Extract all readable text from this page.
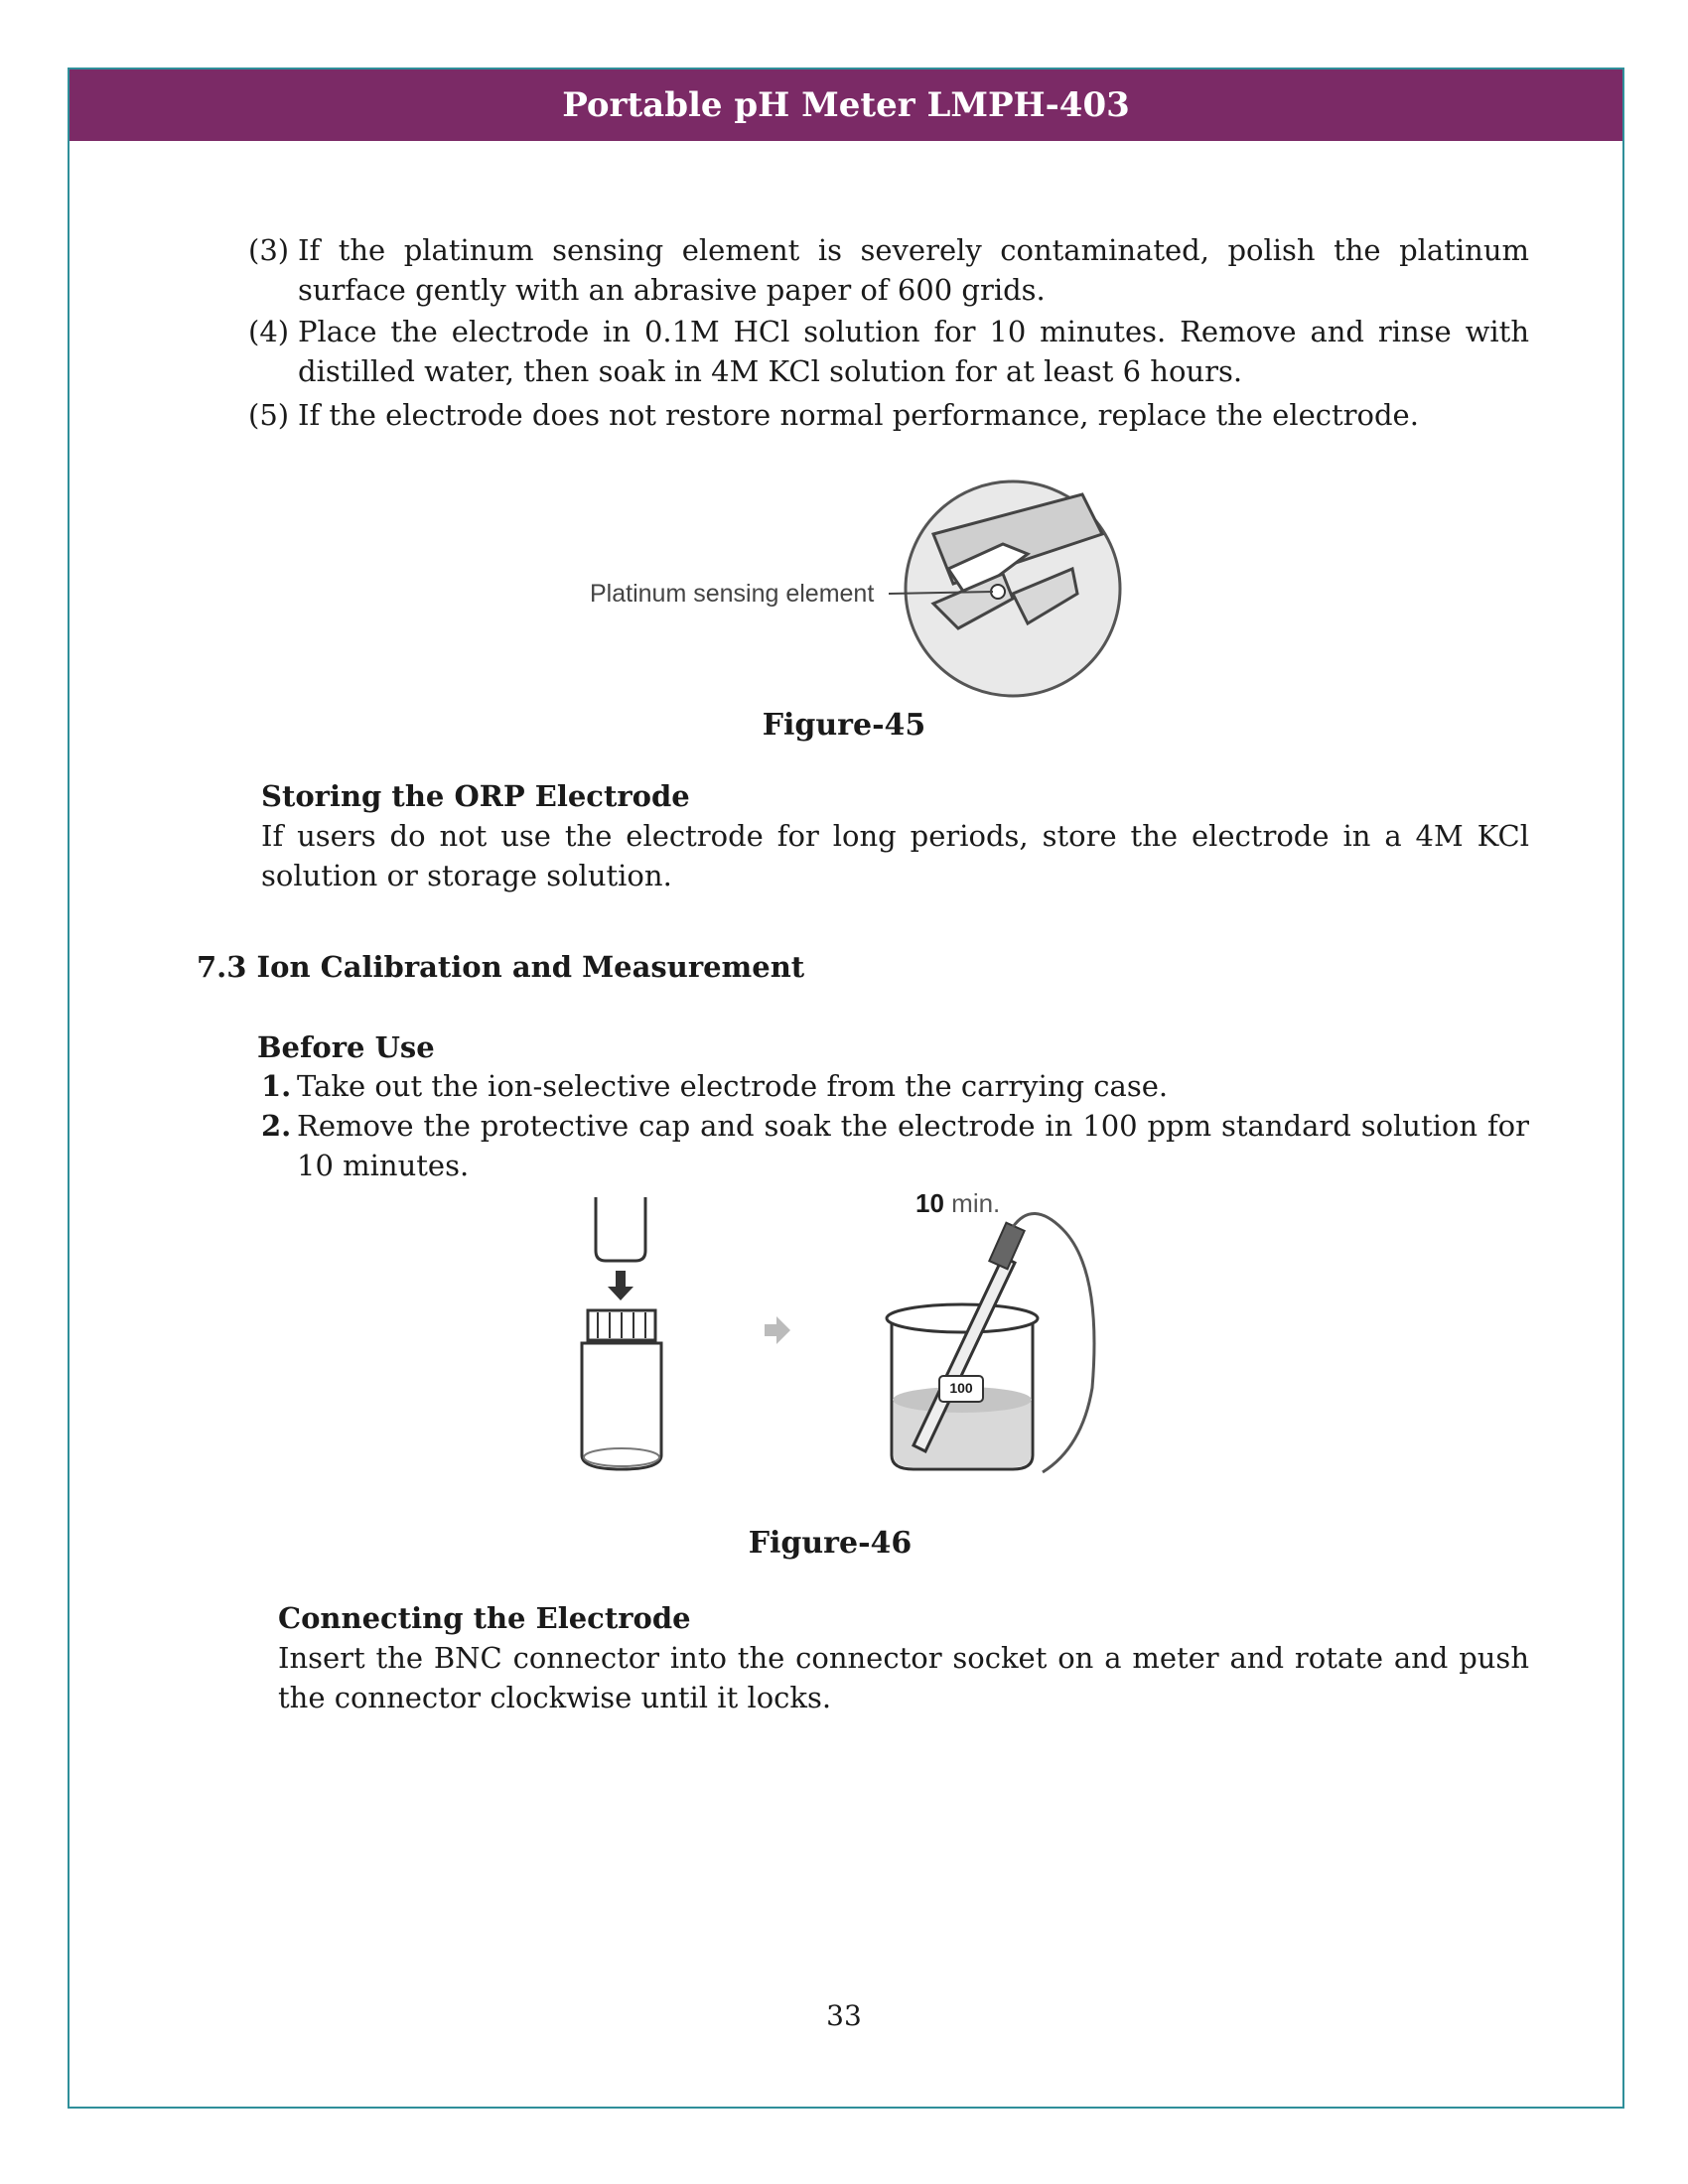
Portable pH Meter LMPH-403
(3) If the platinum sensing element is severely contaminated, polish the platinum surface gently with an abrasive paper of 600 grids.
(4) Place the electrode in 0.1M HCl solution for 10 minutes. Remove and rinse with distilled water, then soak in 4M KCl solution for at least 6 hours.
(5) If the electrode does not restore normal performance, replace the electrode.
Platinum sensing element
Figure-45
Storing the ORP Electrode
If users do not use the electrode for long periods, store the electrode in a 4M KCl solution or storage solution.
7.3 Ion Calibration and Measurement
Before Use
1. Take out the ion-selective electrode from the carrying case.
2. Remove the protective cap and soak the electrode in 100 ppm standard solution for 10 minutes.
10 min.
100
Figure-46
Connecting the Electrode
Insert the BNC connector into the connector socket on a meter and rotate and push the connector clockwise until it locks.
33
